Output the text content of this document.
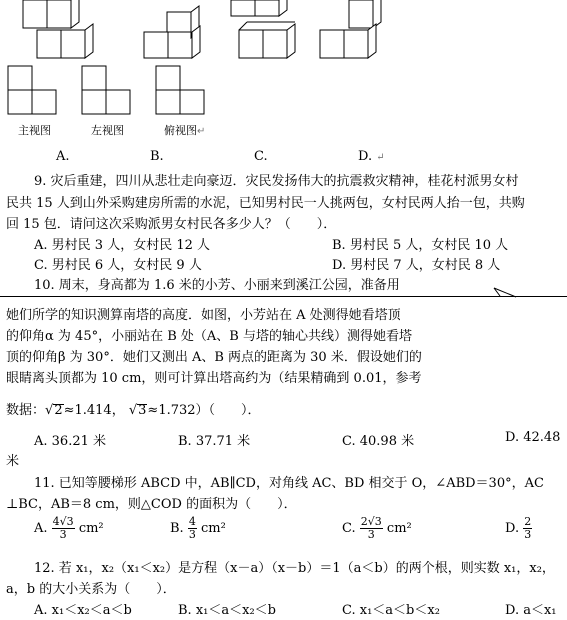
主视图	左视图	俯视图↵
A.	B.	C.	D. ↵
9. 灾后重建，四川从悲壮走向豪迈．灾民发扬伟大的抗震救灾精神，桂花村派男女村
民共 15 人到山外采购建房所需的水泥，已知男村民一人挑两包，女村民两人抬一包，共购
回 15 包．请问这次采购派男女村民各多少人？（　　）．
A. 男村民 3 人，女村民 12 人	B. 男村民 5 人，女村民 10 人
C. 男村民 6 人，女村民 9 人	D. 男村民 7 人，女村民 8 人
10. 周末，身高都为 1.6 米的小芳、小丽来到溪江公园，准备用
她们所学的知识测算南塔的高度．如图，小芳站在 A 处测得她看塔顶
的仰角α 为 45°，小丽站在 B 处（A、B 与塔的轴心共线）测得她看塔
顶的仰角β 为 30°．她们又测出 A、B 两点的距离为 30 米．假设她们的
眼睛离头顶都为 10 cm，则可计算出塔高约为（结果精确到 0.01，参考
数据：√2≈1.414， √3≈1.732）（　　）．
A. 36.21 米	B. 37.71 米	C. 40.98 米	D. 42.48
米
11. 已知等腰梯形 ABCD 中，AB∥CD，对角线 AC、BD 相交于 O，∠ABD＝30°，AC
⊥BC，AB＝8 cm，则△COD 的面积为（　　）．
A. $\frac{4√3}{3} cm^2$	B. $\frac{4}{3} cm^2$	C. $\frac{2√3}{3} cm^2$	D. $\frac{2}{3}$
12. 若 x₁，x₂（x₁＜x₂）是方程（x－a）（x－b）＝1（a＜b）的两个根，则实数 x₁，x₂，
a，b 的大小关系为（　　）．
A. x₁＜x₂＜a＜b	B. x₁＜a＜x₂＜b	C. x₁＜a＜b＜x₂	D. a＜x₁
